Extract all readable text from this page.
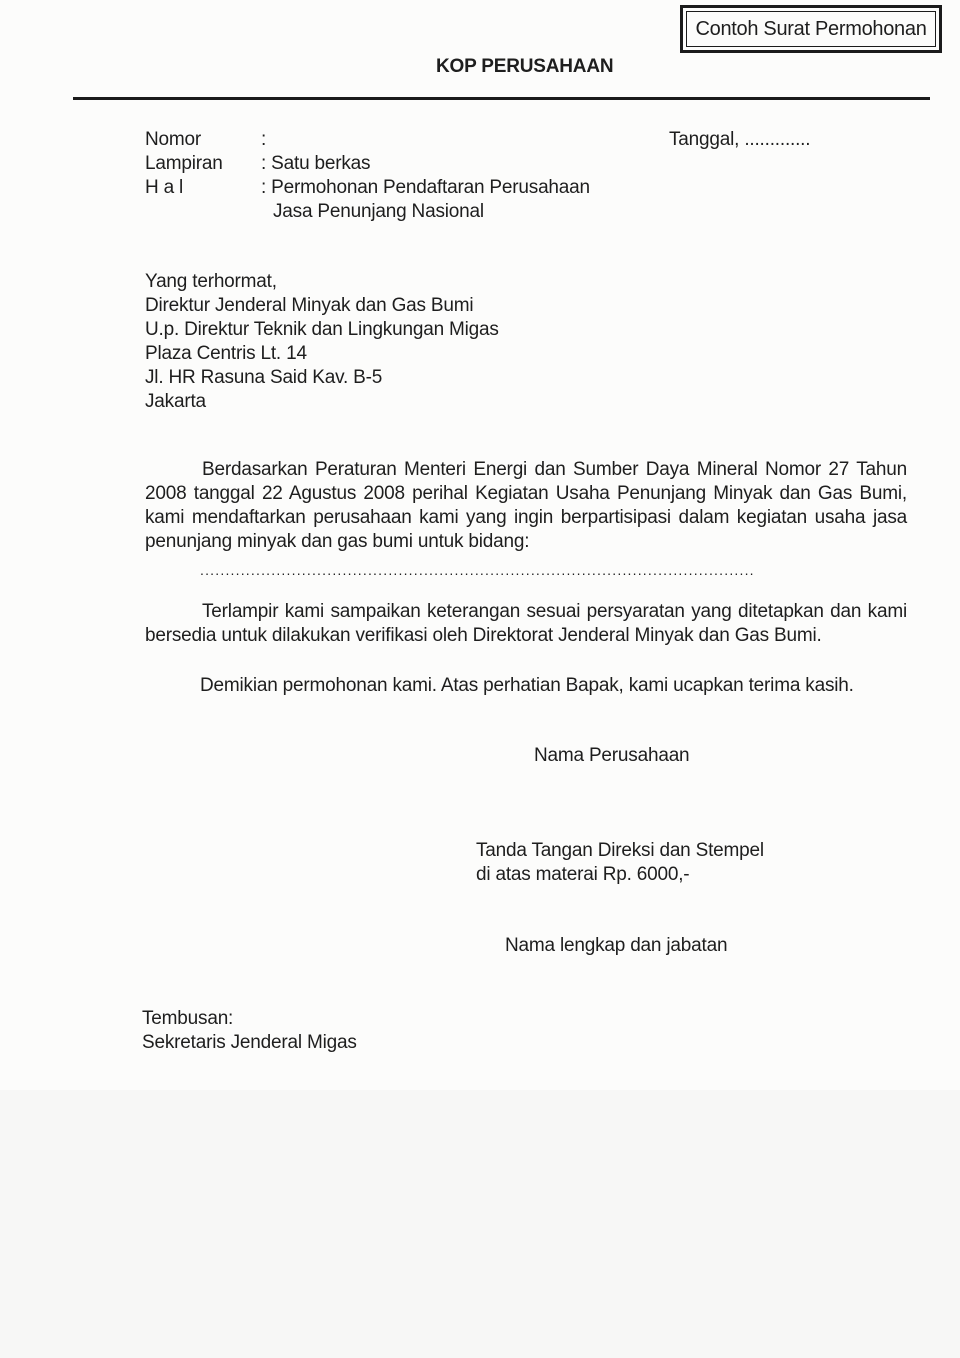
Contoh Surat Permohonan
KOP PERUSAHAAN
Nomor	:
Lampiran : Satu berkas
H a l	: Permohonan Pendaftaran Perusahaan
Jasa Penunjang Nasional
Tanggal, .............
Yang terhormat,
Direktur Jenderal Minyak dan Gas Bumi
U.p. Direktur Teknik dan Lingkungan Migas
Plaza Centris Lt. 14
Jl. HR Rasuna Said Kav. B-5
Jakarta
Berdasarkan Peraturan Menteri Energi dan Sumber Daya Mineral Nomor 27 Tahun 2008 tanggal 22 Agustus 2008 perihal Kegiatan Usaha Penunjang Minyak dan Gas Bumi, kami mendaftarkan perusahaan kami yang ingin berpartisipasi dalam kegiatan usaha jasa penunjang minyak dan gas bumi untuk bidang:
.............................................................................................................
Terlampir kami sampaikan keterangan sesuai persyaratan yang ditetapkan dan kami bersedia untuk dilakukan verifikasi oleh Direktorat Jenderal Minyak dan Gas Bumi.
Demikian permohonan kami. Atas perhatian Bapak, kami ucapkan terima kasih.
Nama Perusahaan
Tanda Tangan Direksi dan Stempel
di atas materai Rp. 6000,-
Nama lengkap dan jabatan
Tembusan:
Sekretaris Jenderal Migas
